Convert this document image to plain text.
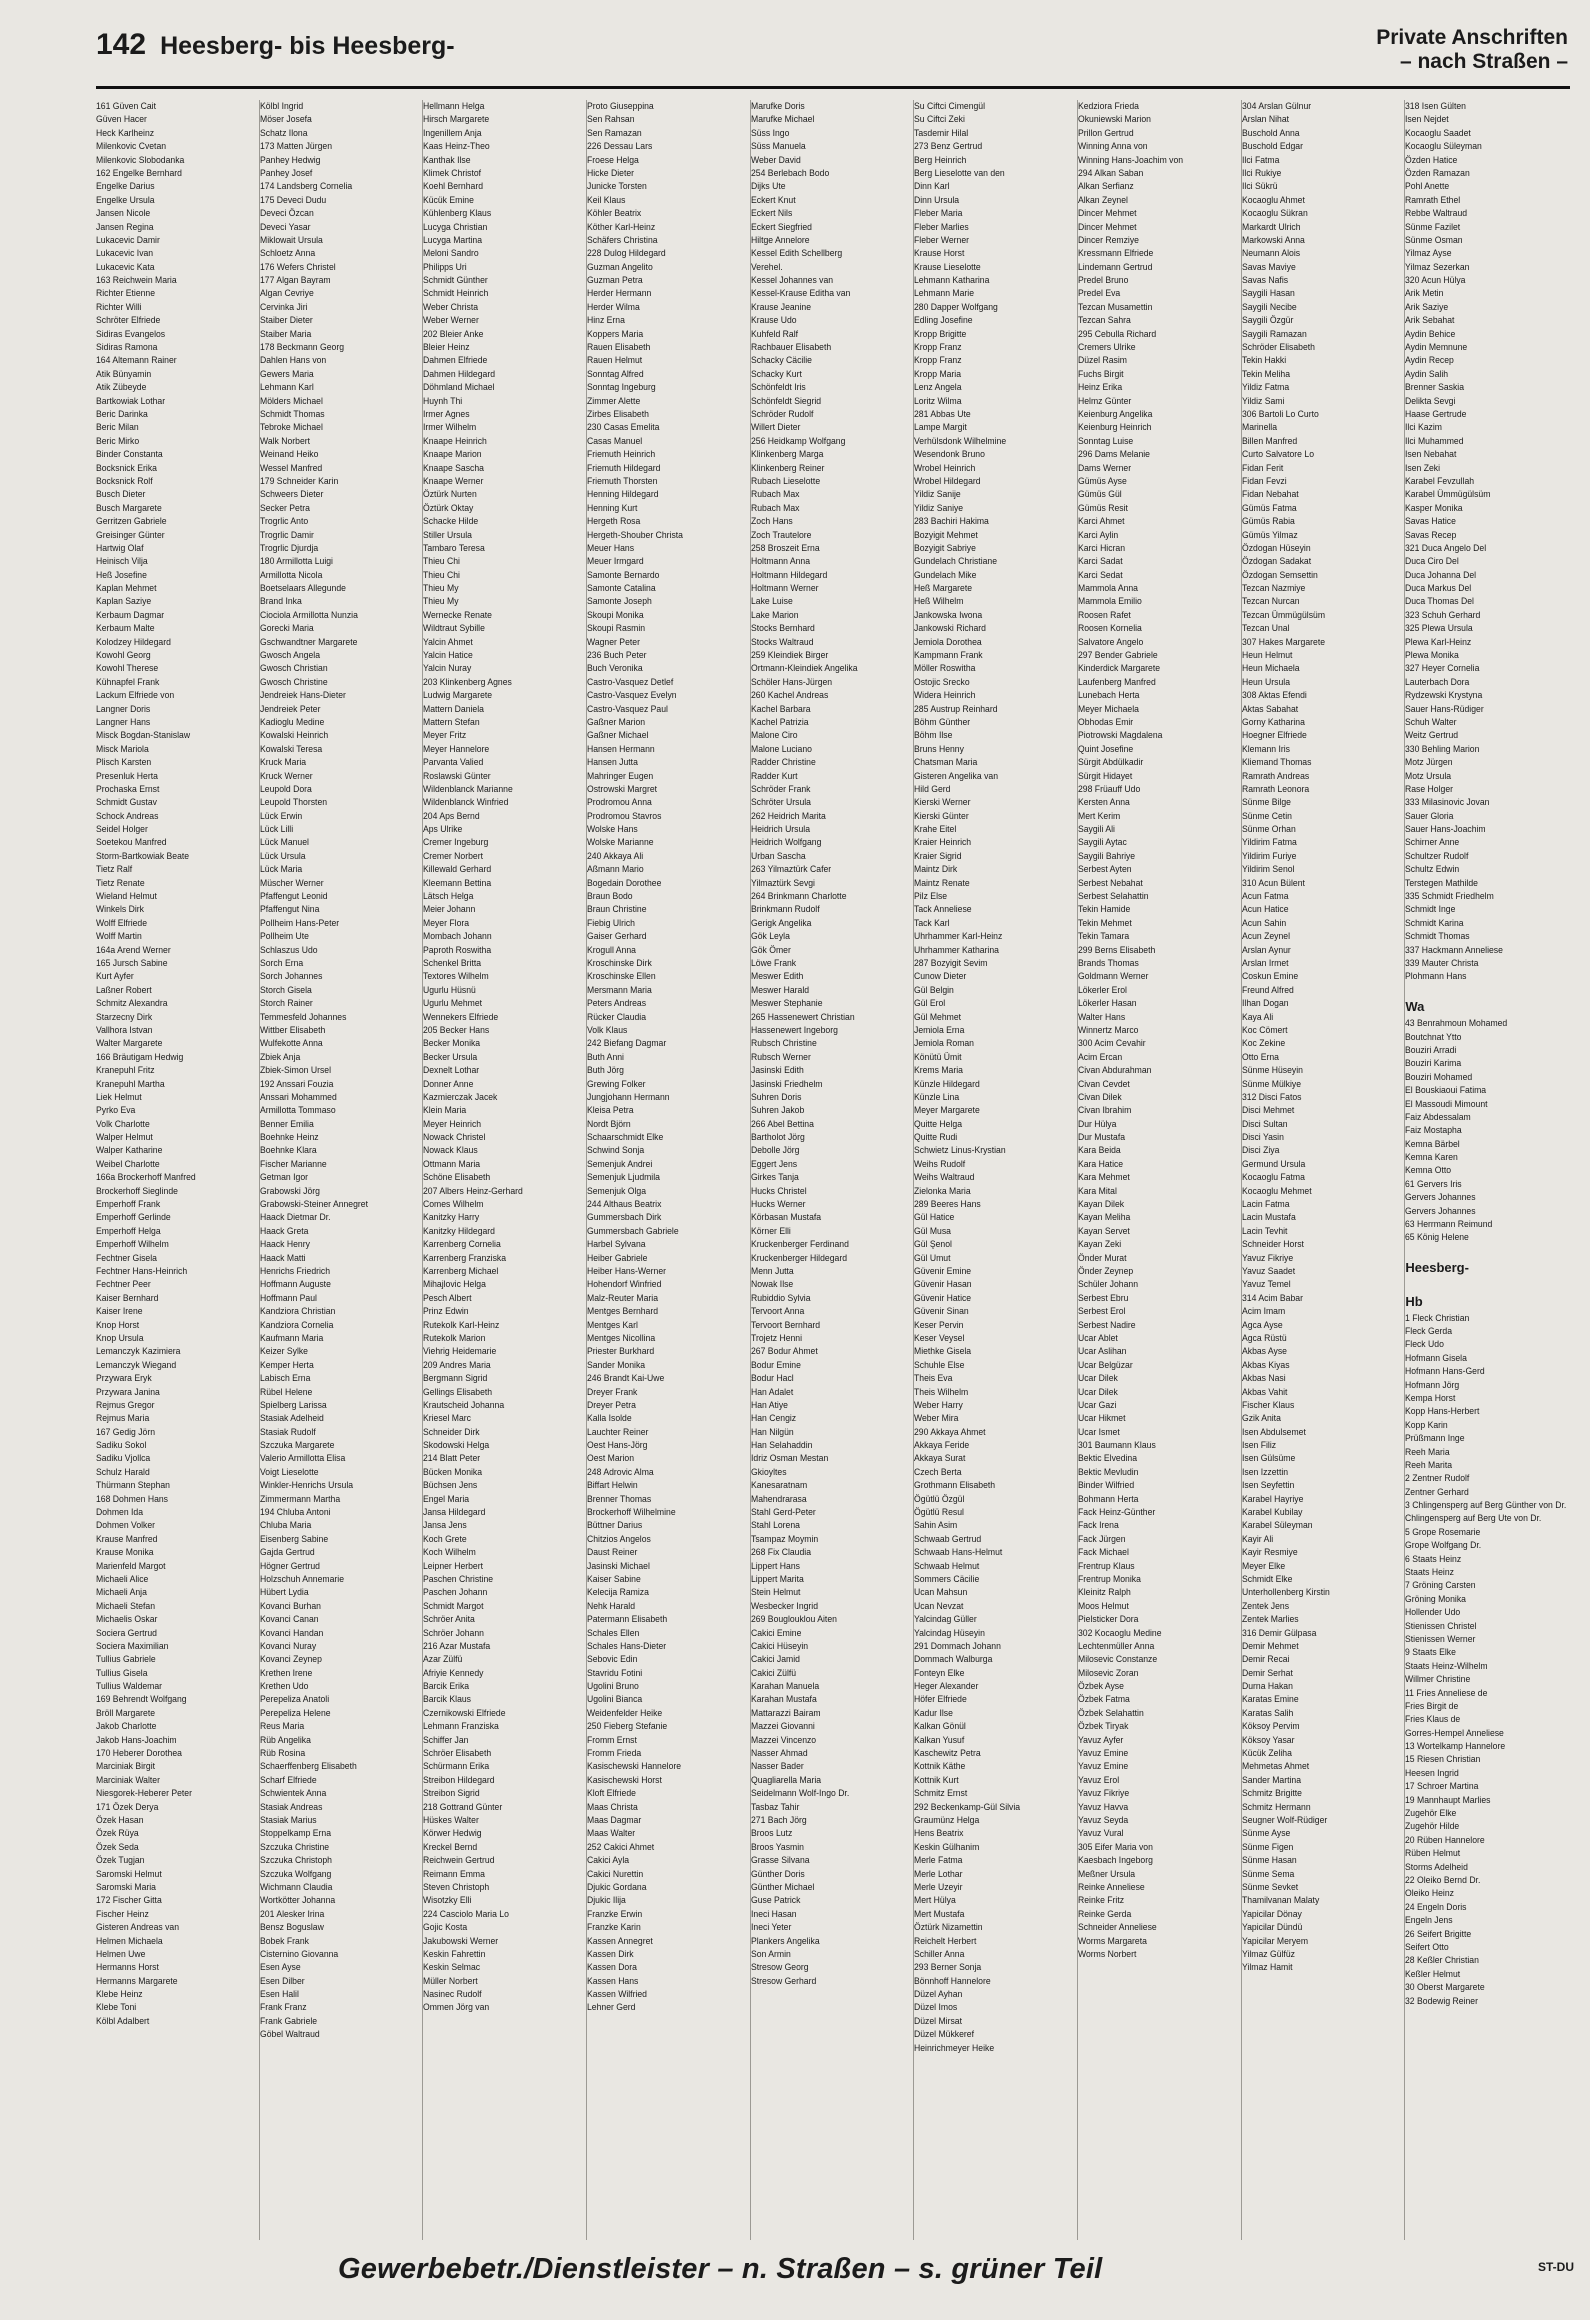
142 Heesberg- bis Heesberg-	Private Anschriften
– nach Straßen –
161 Güven Cait
Güven Hacer
Heck Karlheinz
Milenkovic Cvetan
Milenkovic Slobodanka
162 Engelke Bernhard
Engelke Darius
Engelke Ursula
Jansen Nicole
Jansen Regina
Lukacevic Damir
Lukacevic Ivan
Lukacevic Kata
163 Reichwein Maria
Richter Etienne
Richter Willi
Schröter Elfriede
Sidiras Evangelos
Sidiras Ramona
164 Altemann Rainer
Atik Bünyamin
Atik Zübeyde
Bartkowiak Lothar
Beric Darinka
Beric Milan
Beric Mirko
Binder Constanta
Bocksnick Erika
Bocksnick Rolf
Busch Dieter
Busch Margarete
Gerritzen Gabriele
Greisinger Günter
Hartwig Olaf
Heinisch Vilja
Heß Josefine
Kaplan Mehmet
Kaplan Saziye
Kerbaum Dagmar
Kerbaum Malte
Kolodzey Hildegard
Kowohl Georg
Kowohl Therese
Kühnapfel Frank
Lackum Elfriede von
Langner Doris
Langner Hans
Misck Bogdan-Stanislaw
Misck Mariola
Plisch Karsten
Presenluk Herta
Prochaska Ernst
Schmidt Gustav
Schock Andreas
Seidel Holger
Soetekou Manfred
Storm-Bartkowiak Beate
Tietz Ralf
Tietz Renate
Wieland Helmut
Winkels Dirk
Wolff Elfriede
Wolff Martin
164a Arend Werner
165 Jursch Sabine
Kurt Ayfer
Laßner Robert
Schmitz Alexandra
Starzecny Dirk
Vallhora Istvan
Walter Margarete
166 Bräutigam Hedwig
Kranepuhl Fritz
Kranepuhl Martha
Liek Helmut
Pyrko Eva
Volk Charlotte
Walper Helmut
Walper Katharine
Weibel Charlotte
166a Brockerhoff Manfred
Brockerhoff Sieglinde
Emperhoff Frank
Emperhoff Gerlinde
Emperhoff Helga
Emperhoff Wilhelm
Fechtner Gisela
Fechtner Hans-Heinrich
Fechtner Peer
Kaiser Bernhard
Kaiser Irene
Knop Horst
Knop Ursula
Lemanczyk Kazimiera
Lemanczyk Wiegand
Przywara Eryk
Przywara Janina
Rejmus Gregor
Rejmus Maria
167 Gedig Jörn
Sadiku Sokol
Sadiku Vjollca
Schulz Harald
Thürmann Stephan
168 Dohmen Hans
Dohmen Ida
Dohmen Volker
Krause Manfred
Krause Monika
Marienfeld Margot
Michaeli Alice
Michaeli Anja
Michaeli Stefan
Michaelis Oskar
Sociera Gertrud
Sociera Maximilian
Tullius Gabriele
Tullius Gisela
Tullius Waldemar
169 Behrendt Wolfgang
Bröll Margarete
Jakob Charlotte
Jakob Hans-Joachim
170 Heberer Dorothea
Marciniak Birgit
Marciniak Walter
Niesgorek-Heberer Peter
171 Özek Derya
Özek Hasan
Özek Rüya
Özek Seda
Özek Tugjan
Saromski Helmut
Saromski Maria
172 Fischer Gitta
Fischer Heinz
Gisteren Andreas van
Helmen Michaela
Helmen Uwe
Hermanns Horst
Hermanns Margarete
Klebe Heinz
Klebe Toni
Kölbl Adalbert
Kölbl Ingrid
Möser Josefa
Schatz Ilona
173 Matten Jürgen
Panhey Hedwig
Panhey Josef
174 Landsberg Cornelia
175 Deveci Dudu
Deveci Özcan
Deveci Yasar
Miklowait Ursula
Schloetz Anna
176 Wefers Christel
177 Algan Bayram
Algan Cevriye
Cervinka Jiri
Staiber Dieter
Staiber Maria
178 Beckmann Georg
Dahlen Hans von
Gewers Maria
Lehmann Karl
Mölders Michael
Schmidt Thomas
Tebroke Michael
Walk Norbert
Weinand Heiko
Wessel Manfred
179 Schneider Karin
Schweers Dieter
Secker Petra
Trogrlic Anto
Trogrlic Damir
Trogrlic Djurdja
180 Armillotta Luigi
Armillotta Nicola
Boetselaars Allegunde
Brand Inka
Ciociola Armillotta Nunzia
Gorecki Maria
Gschwandtner Margarete
Gwosch Angela
Gwosch Christian
Gwosch Christine
Jendreiek Hans-Dieter
Jendreiek Peter
Kadioglu Medine
Kowalski Heinrich
Kowalski Teresa
Kruck Maria
Kruck Werner
Leupold Dora
Leupold Thorsten
Lück Erwin
Lück Lilli
Lück Manuel
Lück Ursula
Lück Maria
Müscher Werner
Pfaffengut Leonid
Pfaffengut Nina
Pollheim Hans-Peter
Pollheim Ute
Schlaszus Udo
Sorch Erna
Sorch Johannes
Storch Gisela
Storch Rainer
Temmesfeld Johannes
Wittber Elisabeth
Wulfekotte Anna
Zbiek Anja
Zbiek-Simon Ursel
192 Anssari Fouzia
Anssari Mohammed
Armillotta Tommaso
Benner Emilia
Boehnke Heinz
Boehnke Klara
Fischer Marianne
Getman Igor
Grabowski Jörg
Grabowski-Steiner Annegret
Haack Dietmar Dr.
Haack Greta
Haack Henry
Haack Matti
Henrichs Friedrich
Hoffmann Auguste
Hoffmann Paul
Kandziora Christian
Kandziora Cornelia
Kaufmann Maria
Keizer Sylke
Kemper Herta
Labisch Erna
Rübel Helene
Spielberg Larissa
Stasiak Adelheid
Stasiak Rudolf
Szczuka Margarete
Valerio Armillotta Elisa
Voigt Lieselotte
Winkler-Henrichs Ursula
Zimmermann Martha
194 Chluba Antoni
Chluba Maria
Eisenberg Sabine
Gajda Gertrud
Högner Gertrud
Holzschuh Annemarie
Hübert Lydia
Kovanci Burhan
Kovanci Canan
Kovanci Handan
Kovanci Nuray
Kovanci Zeynep
Krethen Irene
Krethen Udo
Perepeliza Anatoli
Perepeliza Helene
Reus Maria
Rüb Angelika
Rüb Rosina
Schaerffenberg Elisabeth
Scharf Elfriede
Schwientek Anna
Stasiak Andreas
Stasiak Marius
Stoppelkamp Erna
Szczuka Christine
Szczuka Christoph
Szczuka Wolfgang
Wichmann Claudia
Wortkötter Johanna
201 Alesker Irina
Bensz Boguslaw
Bobek Frank
Cisternino Giovanna
Esen Ayse
Esen Dilber
Esen Halil
Frank Franz
Frank Gabriele
Göbel Waltraud
Hellmann Helga
Hirsch Margarete
Ingenillem Anja
Kaas Heinz-Theo
Kanthak Ilse
Klimek Christof
Koehl Bernhard
Kücük Emine
Kühlenberg Klaus
Lucyga Christian
Lucyga Martina
Meloni Sandro
Philipps Uri
Schmidt Günther
Schmidt Heinrich
Weber Christa
Weber Werner
202 Bleier Anke
Bleier Heinz
Dahmen Elfriede
Dahmen Hildegard
Döhmland Michael
Huynh Thi
Irmer Agnes
Irmer Wilhelm
Knaape Heinrich
Knaape Marion
Knaape Sascha
Knaape Werner
Öztürk Nurten
Öztürk Oktay
Schacke Hilde
Stiller Ursula
Tambaro Teresa
Thieu Chi
Thieu Chi
Thieu My
Thieu My
Wernecke Renate
Wildtraut Sybille
Yalcin Ahmet
Yalcin Hatice
Yalcin Nuray
203 Klinkenberg Agnes
Ludwig Margarete
Mattern Daniela
Mattern Stefan
Meyer Fritz
Meyer Hannelore
Parvanta Valied
Roslawski Günter
Wildenblanck Marianne
Wildenblanck Winfried
204 Aps Bernd
Aps Ulrike
Cremer Ingeburg
Cremer Norbert
Killewald Gerhard
Kleemann Bettina
Lätsch Helga
Meier Johann
Meyer Flora
Mombach Johann
Paproth Roswitha
Schenkel Britta
Textores Wilhelm
Ugurlu Hüsnü
Ugurlu Mehmet
Wennekers Elfriede
205 Becker Hans
Becker Monika
Becker Ursula
Dexnelt Lothar
Donner Anne
Kazmierczak Jacek
Klein Maria
Meyer Heinrich
Nowack Christel
Nowack Klaus
Ottmann Maria
Schöne Elisabeth
207 Albers Heinz-Gerhard
Comes Wilhelm
Kanitzky Harry
Kanitzky Hildegard
Karrenberg Cornelia
Karrenberg Franziska
Karrenberg Michael
Mihajlovic Helga
Pesch Albert
Prinz Edwin
Rutekolk Karl-Heinz
Rutekolk Marion
Viehrig Heidemarie
209 Andres Maria
Bergmann Sigrid
Gellings Elisabeth
Krautscheid Johanna
Kriesel Marc
Schneider Dirk
Skodowski Helga
214 Blatt Peter
Bücken Monika
Büchsen Jens
Engel Maria
Jansa Hildegard
Jansa Jens
Koch Grete
Koch Wilhelm
Leipner Herbert
Paschen Christine
Paschen Johann
Schmidt Margot
Schröer Anita
Schröer Johann
216 Azar Mustafa
Azar Zülfü
Afriyie Kennedy
Barcik Erika
Barcik Klaus
Czernikowski Elfriede
Lehmann Franziska
Schiffer Jan
Schröer Elisabeth
Schürmann Erika
Streibon Hildegard
Streibon Sigrid
218 Gottrand Günter
Hüskes Walter
Körwer Hedwig
Kreckel Bernd
Reichwein Gertrud
Reimann Emma
Steven Christoph
Wisotzky Elli
224 Casciolo Maria Lo
Gojic Kosta
Jakubowski Werner
Keskin Fahrettin
Keskin Selmac
Müller Norbert
Nasinec Rudolf
Ommen Jörg van
Proto Giuseppina
Sen Rahsan
Sen Ramazan
226 Dessau Lars
Froese Helga
Hicke Dieter
Junicke Torsten
Keil Klaus
Köhler Beatrix
Köther Karl-Heinz
Schäfers Christina
228 Dulog Hildegard
Guzman Angelito
Guzman Petra
Herder Hermann
Herder Wilma
Hinz Erna
Koppers Maria
Rauen Elisabeth
Rauen Helmut
Sonntag Alfred
Sonntag Ingeburg
Zimmer Alette
Zirbes Elisabeth
230 Casas Emelita
Casas Manuel
Friemuth Heinrich
Friemuth Hildegard
Friemuth Thorsten
Henning Hildegard
Henning Kurt
Hergeth Rosa
Hergeth-Shouber Christa
Meuer Hans
Meuer Irmgard
Samonte Bernardo
Samonte Catalina
Samonte Joseph
Skoupi Monika
Skoupi Rasmin
Wagner Peter
236 Buch Peter
Buch Veronika
Castro-Vasquez Detlef
Castro-Vasquez Evelyn
Castro-Vasquez Paul
Gaßner Marion
Gaßner Michael
Hansen Hermann
Hansen Jutta
Mahringer Eugen
Ostrowski Margret
Prodromou Anna
Prodromou Stavros
Wolske Hans
Wolske Marianne
240 Akkaya Ali
Aßmann Mario
Bogedain Dorothee
Braun Bodo
Braun Christine
Fiebig Ulrich
Gaiser Gerhard
Krogull Anna
Kroschinske Dirk
Kroschinske Ellen
Mersmann Maria
Peters Andreas
Rücker Claudia
Volk Klaus
242 Biefang Dagmar
Buth Anni
Buth Jörg
Grewing Folker
Jungjohann Hermann
Kleisa Petra
Nordt Björn
Schaarschmidt Elke
Schwind Sonja
Semenjuk Andrei
Semenjuk Ljudmila
Semenjuk Olga
244 Althaus Beatrix
Gummersbach Dirk
Gummersbach Gabriele
Harbel Sylvana
Heiber Gabriele
Heiber Hans-Werner
Hohendorf Winfried
Malz-Reuter Maria
Mentges Bernhard
Mentges Karl
Mentges Nicollina
Priester Burkhard
Sander Monika
246 Brandt Kai-Uwe
Dreyer Frank
Dreyer Petra
Kalla Isolde
Lauchter Reiner
Oest Hans-Jörg
Oest Marion
248 Adrovic Alma
Biffart Helwin
Brenner Thomas
Brockerhoff Wilhelmine
Büttner Darius
Chitzios Angelos
Daust Reiner
Jasinski Michael
Kaiser Sabine
Kelecija Ramiza
Nehk Harald
Patermann Elisabeth
Schales Ellen
Schales Hans-Dieter
Sebovic Edin
Stavridu Fotini
Ugolini Bruno
Ugolini Bianca
Weidenfelder Heike
250 Fieberg Stefanie
Fromm Ernst
Fromm Frieda
Kasischewski Hannelore
Kasischewski Horst
Kloft Elfriede
Maas Christa
Maas Dagmar
Maas Walter
252 Cakici Ahmet
Cakici Ayla
Cakici Nurettin
Djukic Gordana
Djukic Ilija
Franzke Erwin
Franzke Karin
Kassen Annegret
Kassen Dirk
Kassen Dora
Kassen Hans
Kassen Wilfried
Lehner Gerd
Marufke Doris
Marufke Michael
Süss Ingo
Süss Manuela
Weber David
254 Berlebach Bodo
Dijks Ute
Eckert Knut
Eckert Nils
Eckert Siegfried
Hiltge Annelore
Kessel Edith Schellberg
Verehel.
Kessel Johannes van
Kessel-Krause Editha van
Krause Jeanine
Krause Udo
Kuhfeld Ralf
Rachbauer Elisabeth
Schacky Cäcilie
Schacky Kurt
Schönfeldt Iris
Schönfeldt Siegrid
Schröder Rudolf
Willert Dieter
256 Heidkamp Wolfgang
Klinkenberg Marga
Klinkenberg Reiner
Rubach Lieselotte
Rubach Max
Rubach Max
Zoch Hans
Zoch Trautelore
258 Broszeit Erna
Holtmann Anna
Holtmann Hildegard
Holtmann Werner
Lake Luise
Lake Marion
Stocks Bernhard
Stocks Waltraud
259 Kleindiek Birger
Ortmann-Kleindiek Angelika
Schöler Hans-Jürgen
260 Kachel Andreas
Kachel Barbara
Kachel Patrizia
Malone Ciro
Malone Luciano
Radder Christine
Radder Kurt
Schröder Frank
Schröter Ursula
262 Heidrich Marita
Heidrich Ursula
Heidrich Wolfgang
Urban Sascha
263 Yilmaztürk Cafer
Yilmaztürk Sevgi
264 Brinkmann Charlotte
Brinkmann Rudolf
Gerigk Angelika
Gök Leyla
Gök Ömer
Löwe Frank
Meswer Edith
Meswer Harald
Meswer Stephanie
265 Hassenewert Christian
Hassenewert Ingeborg
Rubsch Christine
Rubsch Werner
Jasinski Edith
Jasinski Friedhelm
Suhren Doris
Suhren Jakob
266 Abel Bettina
Bartholot Jörg
Debolle Jörg
Eggert Jens
Girkes Tanja
Hucks Christel
Hucks Werner
Körbasan Mustafa
Körner Elli
Kruckenberger Ferdinand
Kruckenberger Hildegard
Menn Jutta
Nowak Ilse
Rubiddio Sylvia
Tervoort Anna
Tervoort Bernhard
Trojetz Henni
267 Bodur Ahmet
Bodur Emine
Bodur Hacl
Han Adalet
Han Atiye
Han Cengiz
Han Nilgün
Han Selahaddin
Idriz Osman Mestan
Gkioyltes
Kanesaratnam
Mahendrarasa
Stahl Gerd-Peter
Stahl Lorena
Tsampaz Moymin
268 Fix Claudia
Lippert Hans
Lippert Marita
Stein Helmut
Wesbecker Ingrid
269 Bouglouklou Aiten
Cakici Emine
Cakici Hüseyin
Cakici Jamid
Cakici Zülfü
Karahan Manuela
Karahan Mustafa
Mattarazzi Bairam
Mazzei Giovanni
Mazzei Vincenzo
Nasser Ahmad
Nasser Bader
Quagliarella Maria
Seidelmann Wolf-Ingo Dr.
Tasbaz Tahir
271 Bach Jörg
Broos Lutz
Broos Yasmin
Grasse Silvana
Günther Doris
Günther Michael
Guse Patrick
Ineci Hasan
Ineci Yeter
Plankers Angelika
Son Armin
Stresow Georg
Stresow Gerhard
Su Ciftci Cimengül
Su Ciftci Zeki
Tasdemir Hilal
273 Benz Gertrud
Berg Heinrich
Berg Lieselotte van den
Dinn Karl
Dinn Ursula
Fleber Maria
Fleber Marlies
Fleber Werner
Krause Horst
Krause Lieselotte
Lehmann Katharina
Lehmann Marie
280 Dapper Wolfgang
Edling Josefine
Kropp Brigitte
Kropp Franz
Kropp Franz
Kropp Maria
Lenz Angela
Loritz Wilma
281 Abbas Ute
Lampe Margit
Verhülsdonk Wilhelmine
Wesendonk Bruno
Wrobel Heinrich
Wrobel Hildegard
Yildiz Sanije
Yildiz Saniye
283 Bachiri Hakima
Bozyigit Mehmet
Bozyigit Sabriye
Gundelach Christiane
Gundelach Mike
Heß Margarete
Heß Wilhelm
Jankowska Iwona
Jankowski Richard
Jemiola Dorothea
Kampmann Frank
Möller Roswitha
Ostojic Srecko
Widera Heinrich
285 Austrup Reinhard
Böhm Günther
Böhm Ilse
Bruns Henny
Chatsman Maria
Gisteren Angelika van
Hild Gerd
Kierski Werner
Kierski Günter
Krahe Eitel
Kraier Heinrich
Kraier Sigrid
Maintz Dirk
Maintz Renate
Pilz Else
Tack Anneliese
Tack Karl
Uhrhammer Karl-Heinz
Uhrhammer Katharina
287 Bozyigit Sevim
Cunow Dieter
Gül Belgin
Gül Erol
Gül Mehmet
Jemiola Erna
Jemiola Roman
Könütü Ümit
Krems Maria
Künzle Hildegard
Künzle Lina
Meyer Margarete
Quitte Helga
Quitte Rudi
Schwietz Linus-Krystian
Weihs Rudolf
Weihs Waltraud
Zielonka Maria
289 Beeres Hans
Gül Hatice
Gül Musa
Gül Şenol
Gül Umut
Güvenir Emine
Güvenir Hasan
Güvenir Hatice
Güvenir Sinan
Keser Pervin
Keser Veysel
Miethke Gisela
Schuhle Else
Theis Eva
Theis Wilhelm
Weber Harry
Weber Mira
290 Akkaya Ahmet
Akkaya Feride
Akkaya Surat
Czech Berta
Grothmann Elisabeth
Ögütlü Özgül
Ögütlü Resul
Sahin Asim
Schwaab Gertrud
Schwaab Hans-Helmut
Schwaab Helmut
Sommers Cäcilie
Ucan Mahsun
Ucan Nevzat
Yalcindag Güller
Yalcindag Hüseyin
291 Dommach Johann
Dommach Walburga
Fonteyn Elke
Heger Alexander
Höfer Elfriede
Kadur Ilse
Kalkan Gönül
Kalkan Yusuf
Kaschewitz Petra
Kottnik Käthe
Kottnik Kurt
Schmitz Ernst
292 Beckenkamp-Gül Silvia
Graumünz Helga
Hens Beatrix
Keskin Gülhanim
Merle Fatma
Merle Lothar
Merle Uzeyir
Mert Hülya
Mert Mustafa
Öztürk Nizamettin
Reichelt Herbert
Schiller Anna
293 Berner Sonja
Bönnhoff Hannelore
Düzel Ayhan
Düzel Imos
Düzel Mirsat
Düzel Mükkeref
Heinrichmeyer Heike
Kedziora Frieda
Okuniewski Marion
Prillon Gertrud
Winning Anna von
Winning Hans-Joachim von
294 Alkan Saban
Alkan Serfianz
Alkan Zeynel
Dincer Mehmet
Dincer Mehmet
Dincer Remziye
Kressmann Elfriede
Lindemann Gertrud
Predel Bruno
Predel Eva
Tezcan Musamettin
Tezcan Sahra
295 Cebulla Richard
Cremers Ulrike
Düzel Rasim
Fuchs Birgit
Heinz Erika
Helmz Günter
Keienburg Angelika
Keienburg Heinrich
Sonntag Luise
296 Dams Melanie
Dams Werner
Gümüs Ayse
Gümüs Gül
Gümüs Resit
Karci Ahmet
Karci Aylin
Karci Hicran
Karci Sadat
Karci Sedat
Mammola Anna
Mammola Emilio
Roosen Rafet
Roosen Kornelia
Salvatore Angelo
297 Bender Gabriele
Kinderdick Margarete
Laufenberg Manfred
Lunebach Herta
Meyer Michaela
Obhodas Emir
Piotrowski Magdalena
Quint Josefine
Sürgit Abdülkadir
Sürgit Hidayet
298 Früauff Udo
Kersten Anna
Mert Kerim
Saygili Ali
Saygili Aytac
Saygili Bahriye
Serbest Ayten
Serbest Nebahat
Serbest Selahattin
Tekin Hamide
Tekin Mehmet
Tekin Tamara
299 Berns Elisabeth
Brands Thomas
Goldmann Werner
Lökerler Erol
Lökerler Hasan
Walter Hans
Winnertz Marco
300 Acim Cevahir
Acim Ercan
Civan Abdurahman
Civan Cevdet
Civan Dilek
Civan Ibrahim
Dur Hülya
Dur Mustafa
Kara Beida
Kara Hatice
Kara Mehmet
Kara Mital
Kayan Dilek
Kayan Meliha
Kayan Servet
Kayan Zeki
Önder Murat
Önder Zeynep
Schüler Johann
Serbest Ebru
Serbest Erol
Serbest Nadire
Ucar Ablet
Ucar Aslihan
Ucar Belgüzar
Ucar Dilek
Ucar Dilek
Ucar Gazi
Ucar Hikmet
Ucar Ismet
301 Baumann Klaus
Bektic Elvedina
Bektic Mevludin
Binder Wilfried
Bohmann Herta
Fack Heinz-Günther
Fack Irena
Fack Jürgen
Fack Michael
Frentrup Klaus
Frentrup Monika
Kleinitz Ralph
Moos Helmut
Pielsticker Dora
302 Kocaoglu Medine
Lechtenmüller Anna
Milosevic Constanze
Milosevic Zoran
Özbek Ayse
Özbek Fatma
Özbek Selahattin
Özbek Tiryak
Yavuz Ayfer
Yavuz Emine
Yavuz Emine
Yavuz Erol
Yavuz Fikriye
Yavuz Havva
Yavuz Seyda
Yavuz Vural
305 Eifer Maria von
Kaesbach Ingeborg
Meßner Ursula
Reinke Anneliese
Reinke Fritz
Reinke Gerda
Schneider Anneliese
Worms Margareta
Worms Norbert
304 Arslan Gülnur
Arslan Nihat
Buschold Anna
Buschold Edgar
Ilci Fatma
Ilci Rukiye
Ilci Sükrü
Kocaoglu Ahmet
Kocaoglu Sükran
Markardt Ulrich
Markowski Anna
Neumann Alois
Savas Maviye
Savas Nafis
Saygili Hasan
Saygili Necibe
Saygili Özgür
Saygili Ramazan
Schröder Elisabeth
Tekin Hakki
Tekin Meliha
Yildiz Fatma
Yildiz Sami
306 Bartoli Lo Curto
Marinella
Billen Manfred
Curto Salvatore Lo
Fidan Ferit
Fidan Fevzi
Fidan Nebahat
Gümüs Fatma
Gümüs Rabia
Gümüs Yilmaz
Özdogan Hüseyin
Özdogan Sadakat
Özdogan Semsettin
Tezcan Nazmiye
Tezcan Nurcan
Tezcan Ümmügülsüm
Tezcan Unal
307 Hakes Margarete
Heun Helmut
Heun Michaela
Heun Ursula
308 Aktas Efendi
Aktas Sabahat
Gorny Katharina
Hoegner Elfriede
Klemann Iris
Kliemand Thomas
Ramrath Andreas
Ramrath Leonora
Sünme Bilge
Sünme Cetin
Sünme Orhan
Yildirim Fatma
Yildirim Furiye
Yildirim Senol
310 Acun Bülent
Acun Fatma
Acun Hatice
Acun Sahin
Acun Zeynel
Arslan Aynur
Arslan Irmet
Coskun Emine
Freund Alfred
Ilhan Dogan
Kaya Ali
Koc Cömert
Koc Zekine
Otto Erna
Sünme Hüseyin
Sünme Mülkiye
312 Disci Fatos
Disci Mehmet
Disci Sultan
Disci Yasin
Disci Ziya
Germund Ursula
Kocaoglu Fatma
Kocaoglu Mehmet
Lacin Fatma
Lacin Mustafa
Lacin Tevhit
Schneider Horst
Yavuz Fikriye
Yavuz Saadet
Yavuz Temel
314 Acim Babar
Acim Imam
Agca Ayse
Agca Rüstü
Akbas Ayse
Akbas Kiyas
Akbas Nasi
Akbas Vahit
Fischer Klaus
Gzik Anita
Isen Abdulsemet
Isen Filiz
Isen Gülsüme
Isen Izzettin
Isen Seyfettin
Karabel Hayriye
Karabel Kubilay
Karabel Süleyman
Kayir Ali
Kayir Resmiye
Meyer Elke
Schmidt Elke
Unterhollenberg Kirstin
Zentek Jens
Zentek Marlies
316 Demir Gülpasa
Demir Mehmet
Demir Recai
Demir Serhat
Durna Hakan
Karatas Emine
Karatas Salih
Köksoy Pervim
Köksoy Yasar
Kücük Zeliha
Mehmetas Ahmet
Sander Martina
Schmitz Brigitte
Schmitz Hermann
Seugner Wolf-Rüdiger
Sünme Ayse
Sünme Figen
Sünme Hasan
Sünme Sema
Sünme Sevket
Thamilvanan Malaty
Yapicilar Dönay
Yapicilar Dündü
Yapicilar Meryem
Yilmaz Gülfüz
Yilmaz Hamit
318 Isen Gülten
Isen Nejdet
Kocaoglu Saadet
Kocaoglu Süleyman
Özden Hatice
Özden Ramazan
Pohl Anette
Ramrath Ethel
Rebbe Waltraud
Sünme Fazilet
Sünme Osman
Yilmaz Ayse
Yilmaz Sezerkan
320 Acun Hülya
Arik Metin
Arik Saziye
Arik Sebahat
Aydin Behice
Aydin Memnune
Aydin Recep
Aydin Salih
Brenner Saskia
Delikta Sevgi
Haase Gertrude
Ilci Kazim
Ilci Muhammed
Isen Nebahat
Isen Zeki
Karabel Fevzullah
Karabel Ümmügülsüm
Kasper Monika
Savas Hatice
Savas Recep
321 Duca Angelo Del
Duca Ciro Del
Duca Johanna Del
Duca Markus Del
Duca Thomas Del
323 Schuh Gerhard
325 Plewa Ursula
Plewa Karl-Heinz
Plewa Monika
327 Heyer Cornelia
Lauterbach Dora
Rydzewski Krystyna
Sauer Hans-Rüdiger
Schuh Walter
Weitz Gertrud
330 Behling Marion
Motz Jürgen
Motz Ursula
Rase Holger
333 Milasinovic Jovan
Sauer Gloria
Sauer Hans-Joachim
Schirner Anne
Schultzer Rudolf
Schultz Edwin
Terstegen Mathilde
335 Schmidt Friedhelm
Schmidt Inge
Schmidt Karina
Schmidt Thomas
337 Hackmann Anneliese
339 Mauter Christa
Plohmann Hans
Wa
43 Benrahmoun Mohamed
Boutchnat Ytto
Bouziri Arradi
Bouziri Karima
Bouziri Mohamed
El Bouskiaoui Fatima
El Massoudi Mimount
Faiz Abdessalam
Faiz Mostapha
Kemna Bärbel
Kemna Karen
Kemna Otto
61 Gervers Iris
Gervers Johannes
Gervers Johannes
63 Herrmann Reimund
65 König Helene
Heesberg-
Hb
1 Fleck Christian
Fleck Gerda
Fleck Udo
Hofmann Gisela
Hofmann Hans-Gerd
Hofmann Jörg
Kempa Horst
Kopp Hans-Herbert
Kopp Karin
Prüßmann Inge
Reeh Maria
Reeh Marita
2 Zentner Rudolf
Zentner Gerhard
3 Chlingensperg auf Berg Günther von Dr.
Chlingensperg auf Berg Ute von Dr.
5 Grope Rosemarie
Grope Wolfgang Dr.
6 Staats Heinz
Staats Heinz
7 Gröning Carsten
Gröning Monika
Hollender Udo
Stienissen Christel
Stienissen Werner
9 Staats Elke
Staats Heinz-Wilhelm
Willmer Christine
11 Fries Anneliese de
Fries Birgit de
Fries Klaus de
Gorres-Hempel Anneliese
13 Wortelkamp Hannelore
15 Riesen Christian
Heesen Ingrid
17 Schroer Martina
19 Mannhaupt Marlies
Zugehör Elke
Zugehör Hilde
20 Rüben Hannelore
Rüben Helmut
Storms Adelheid
22 Oleiko Bernd Dr.
Oleiko Heinz
24 Engeln Doris
Engeln Jens
26 Seifert Brigitte
Seifert Otto
28 Keßler Christian
Keßler Helmut
30 Oberst Margarete
32 Bodewig Reiner
Gewerbebetr./Dienstleister – n. Straßen – s. grüner Teil	ST-DU
